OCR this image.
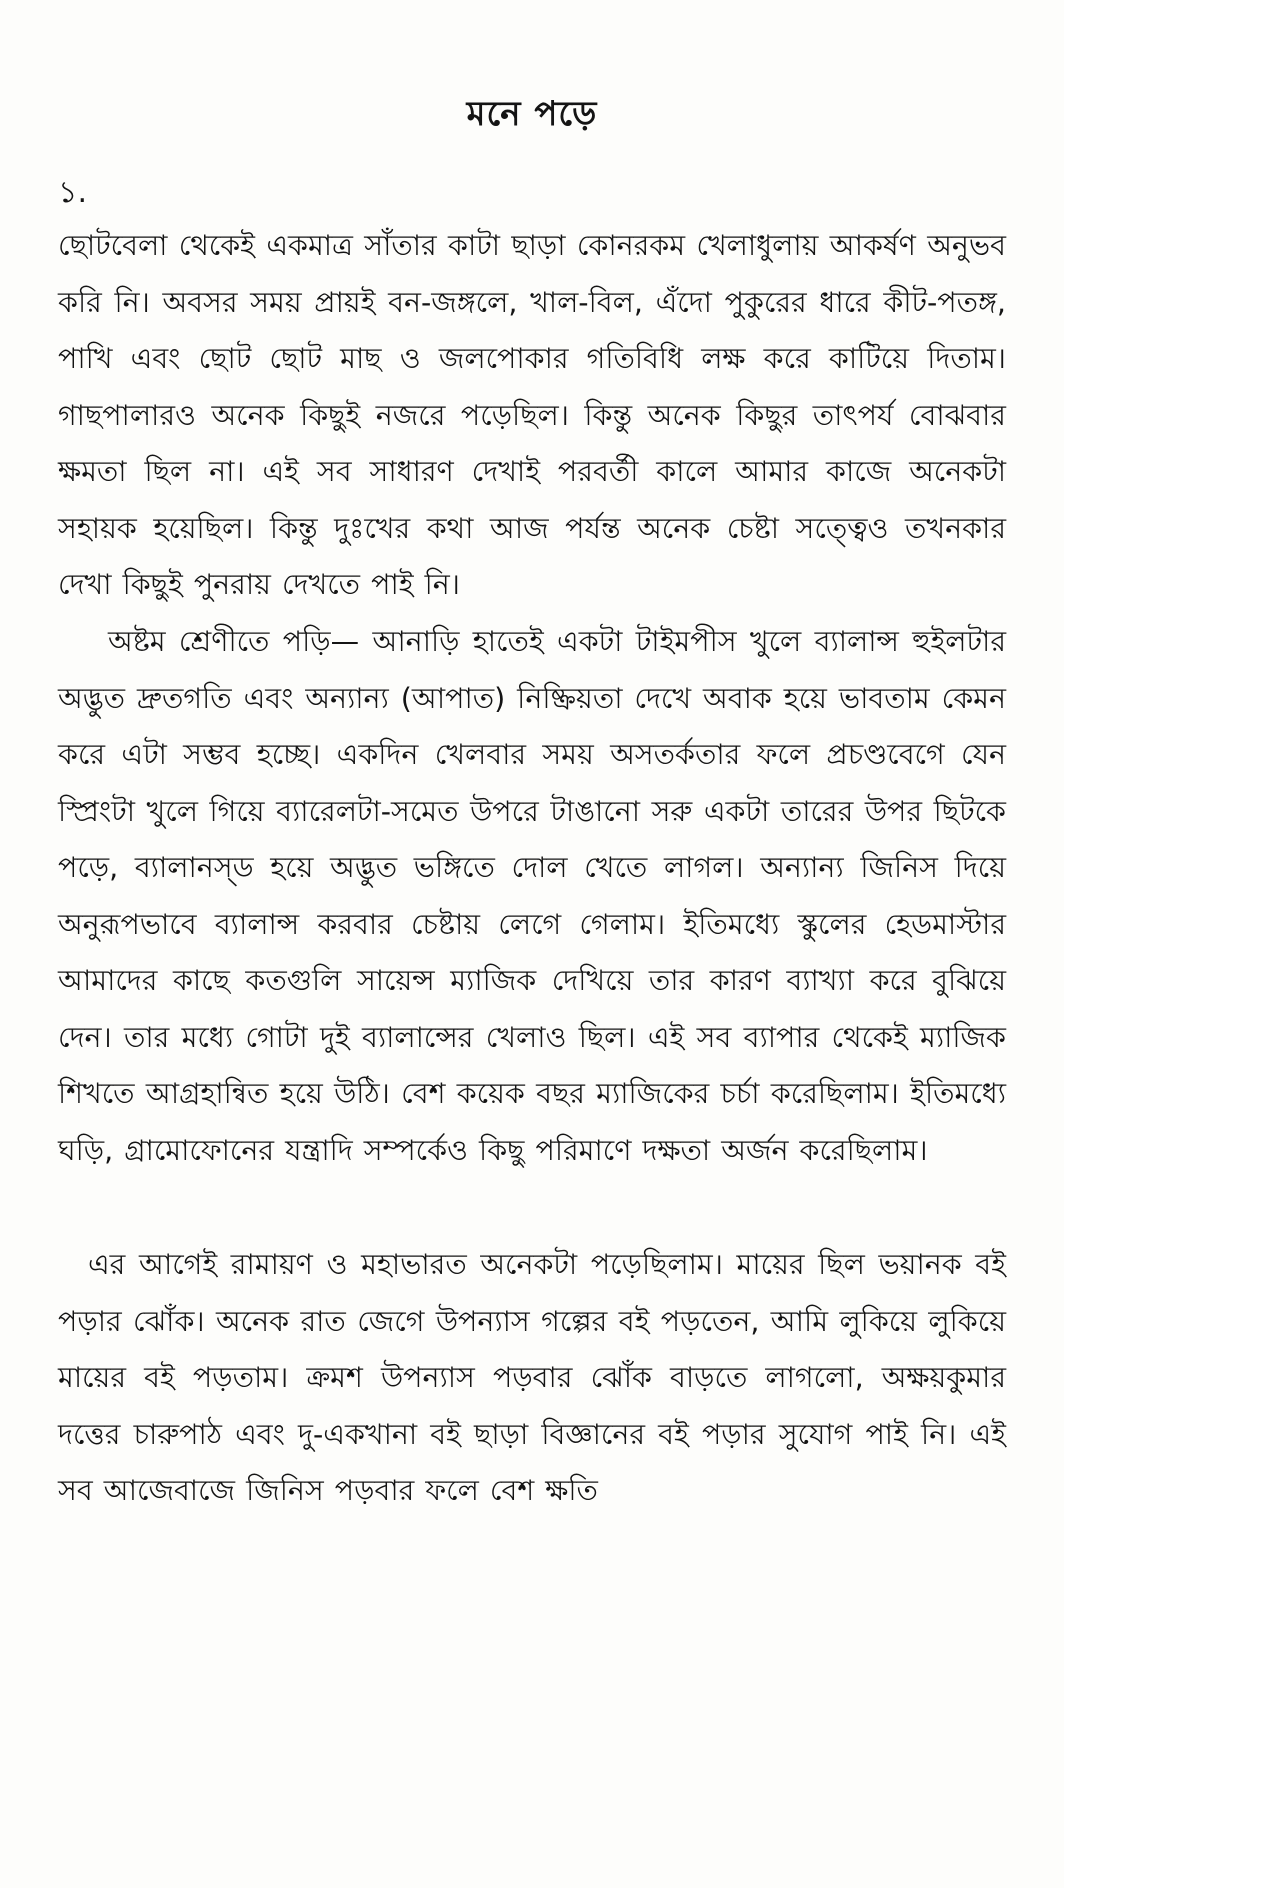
মনে পড়ে
১.

ছোটবেলা থেকেই একমাত্র সাঁতার কাটা ছাড়া কোনরকম খেলাধুলায় আকর্ষণ অনুভব করি নি। অবসর সময় প্রায়ই বন-জঙ্গলে, খাল-বিল, এঁদো পুকুরের ধারে কীট-পতঙ্গ, পাখি এবং ছোট ছোট মাছ ও জলপোকার গতিবিধি লক্ষ করে কাটিয়ে দিতাম। গাছপালারও অনেক কিছুই নজরে পড়েছিল। কিন্তু অনেক কিছুর তাৎপর্য বোঝবার ক্ষমতা ছিল না। এই সব সাধারণ দেখাই পরবর্তী কালে আমার কাজে অনেকটা সহায়ক হয়েছিল। কিন্তু দুঃখের কথা আজ পর্যন্ত অনেক চেষ্টা সত্ত্বেও তখনকার দেখা কিছুই পুনরায় দেখতে পাই নি।

অষ্টম শ্রেণীতে পড়ি— আনাড়ি হাতেই একটা টাইমপীস খুলে ব্যালান্স হুইলটার অদ্ভুত দ্রুতগতি এবং অন্যান্য (আপাত) নিষ্ক্রিয়তা দেখে অবাক হয়ে ভাবতাম কেমন করে এটা সম্ভব হচ্ছে। একদিন খেলবার সময় অসতর্কতার ফলে প্রচণ্ডবেগে যেন স্প্রিংটা খুলে গিয়ে ব্যারেলটা-সমেত উপরে টাঙানো সরু একটা তারের উপর ছিটকে পড়ে, ব্যালানস্ড হয়ে অদ্ভুত ভঙ্গিতে দোল খেতে লাগল। অন্যান্য জিনিস দিয়ে অনুরূপভাবে ব্যালান্স করবার চেষ্টায় লেগে গেলাম। ইতিমধ্যে স্কুলের হেডমাস্টার আমাদের কাছে কতগুলি সায়েন্স ম্যাজিক দেখিয়ে তার কারণ ব্যাখ্যা করে বুঝিয়ে দেন। তার মধ্যে গোটা দুই ব্যালান্সের খেলাও ছিল। এই সব ব্যাপার থেকেই ম্যাজিক শিখতে আগ্রহান্বিত হয়ে উঠি। বেশ কয়েক বছর ম্যাজিকের চর্চা করেছিলাম। ইতিমধ্যে ঘড়ি, গ্রামোফোনের যন্ত্রাদি সম্পর্কেও কিছু পরিমাণে দক্ষতা অর্জন করেছিলাম।

এর আগেই রামায়ণ ও মহাভারত অনেকটা পড়েছিলাম। মায়ের ছিল ভয়ানক বই পড়ার ঝোঁক। অনেক রাত জেগে উপন্যাস গল্পের বই পড়তেন, আমি লুকিয়ে লুকিয়ে মায়ের বই পড়তাম। ক্রমশ উপন্যাস পড়বার ঝোঁক বাড়তে লাগলো, অক্ষয়কুমার দত্তের চারুপাঠ এবং দু-একখানা বই ছাড়া বিজ্ঞানের বই পড়ার সুযোগ পাই নি। এই সব আজেবাজে জিনিস পড়বার ফলে বেশ ক্ষতি
